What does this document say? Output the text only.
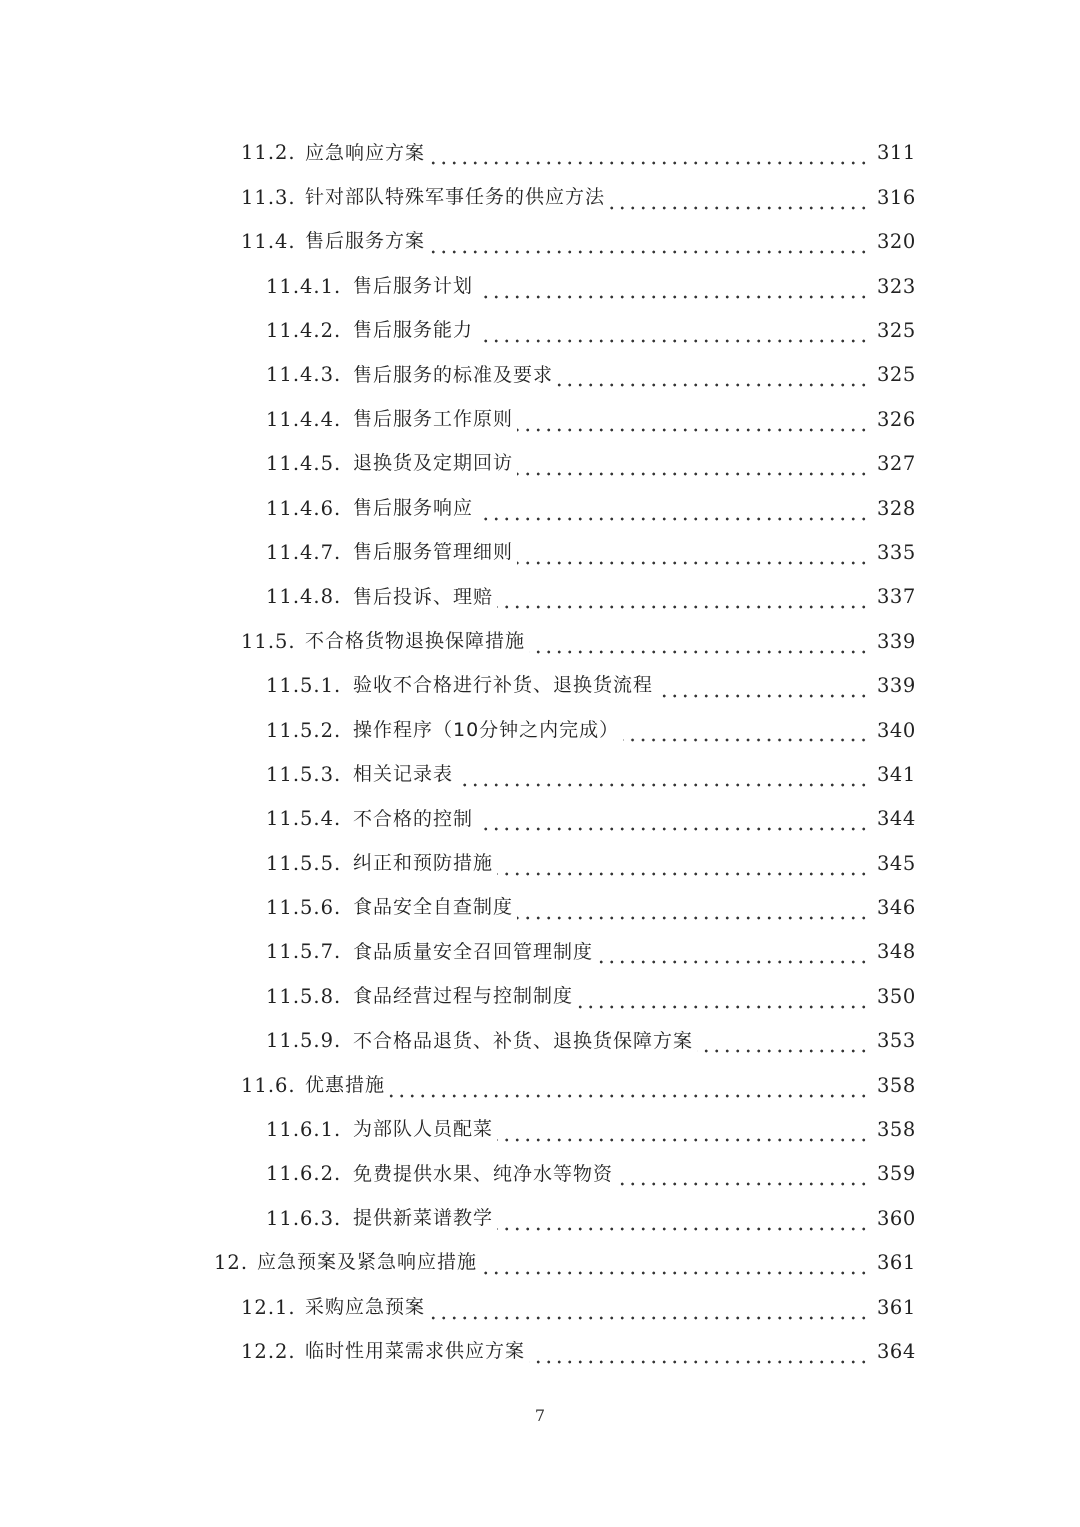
11.2. 应急响应方案	311
11.3. 针对部队特殊军事任务的供应方法	316
11.4. 售后服务方案	320
11.4.1. 售后服务计划	323
11.4.2. 售后服务能力	325
11.4.3. 售后服务的标准及要求	325
11.4.4. 售后服务工作原则	326
11.4.5. 退换货及定期回访	327
11.4.6. 售后服务响应	328
11.4.7. 售后服务管理细则	335
11.4.8. 售后投诉、理赔	337
11.5. 不合格货物退换保障措施	339
11.5.1. 验收不合格进行补货、退换货流程	339
11.5.2. 操作程序（10分钟之内完成）	340
11.5.3. 相关记录表	341
11.5.4. 不合格的控制	344
11.5.5. 纠正和预防措施	345
11.5.6. 食品安全自查制度	346
11.5.7. 食品质量安全召回管理制度	348
11.5.8. 食品经营过程与控制制度	350
11.5.9. 不合格品退货、补货、退换货保障方案	353
11.6. 优惠措施	358
11.6.1. 为部队人员配菜	358
11.6.2. 免费提供水果、纯净水等物资	359
11.6.3. 提供新菜谱教学	360
12. 应急预案及紧急响应措施	361
12.1. 采购应急预案	361
12.2. 临时性用菜需求供应方案	364
7
